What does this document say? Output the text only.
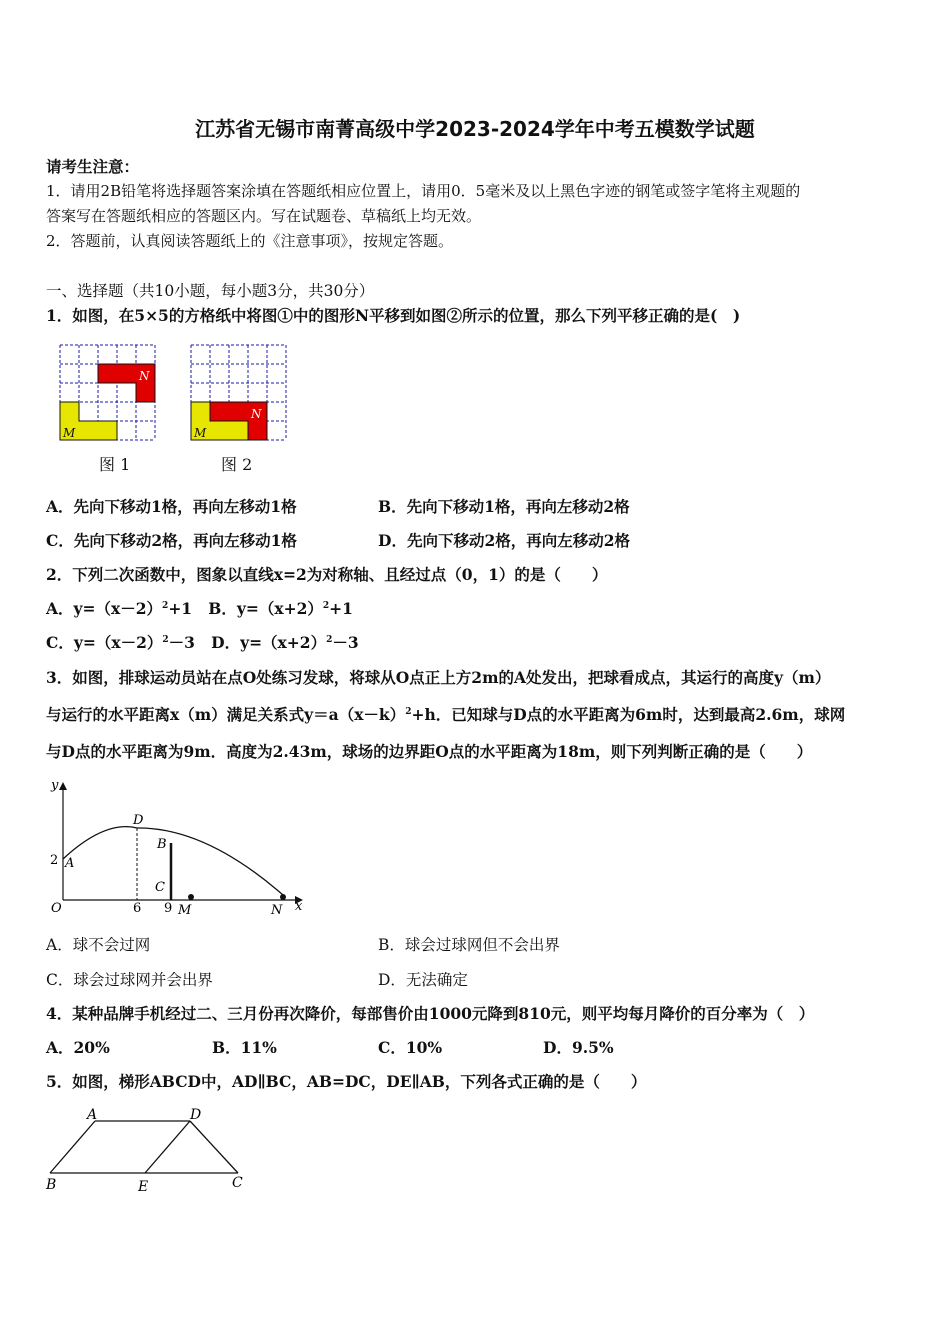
江苏省无锡市南菁高级中学2023-2024学年中考五模数学试题
请考生注意：
1．请用2B铅笔将选择题答案涂填在答题纸相应位置上，请用0．5毫米及以上黑色字迹的钢笔或签字笔将主观题的
答案写在答题纸相应的答题区内。写在试题卷、草稿纸上均无效。
2．答题前，认真阅读答题纸上的《注意事项》，按规定答题。
一、选择题（共10小题，每小题3分，共30分）
1．如图，在5×5的方格纸中将图①中的图形N平移到如图②所示的位置，那么下列平移正确的是(　)
N
M
图 1
N
M
图 2
A．先向下移动1格，再向左移动1格	B．先向下移动1格，再向左移动2格
C．先向下移动2格，再向左移动1格	D．先向下移动2格，再向左移动2格
2．下列二次函数中，图象以直线x=2为对称轴、且经过点（0，1）的是（　　）
A．$y=(x-2)^2+1$ B．$y=(x+2)^2+1$
C．$y=(x-2)^2-3$ D．$y=(x+2)^2-3$
3．如图，排球运动员站在点O处练习发球，将球从O点正上方2m的A处发出，把球看成点，其运行的高度y（m）
与运行的水平距离x（m）满足关系式$y=a(x-k)^2+h$．已知球与D点的水平距离为6m时，达到最高2.6m，球网
与D点的水平距离为9m．高度为2.43m，球场的边界距O点的水平距离为18m，则下列判断正确的是（　　）
y
x
O
D
B
C
A
2
6 9 M	N
A．球不会过网	B．球会过球网但不会出界
C．球会过球网并会出界	D．无法确定
4．某种品牌手机经过二、三月份再次降价，每部售价由1000元降到810元，则平均每月降价的百分率为（　）
A．20%	B．11%	C．10%	D．9.5%
5．如图，梯形ABCD中，AD∥BC，AB=DC，DE∥AB，下列各式正确的是（　　）
A	D
B	E	C
